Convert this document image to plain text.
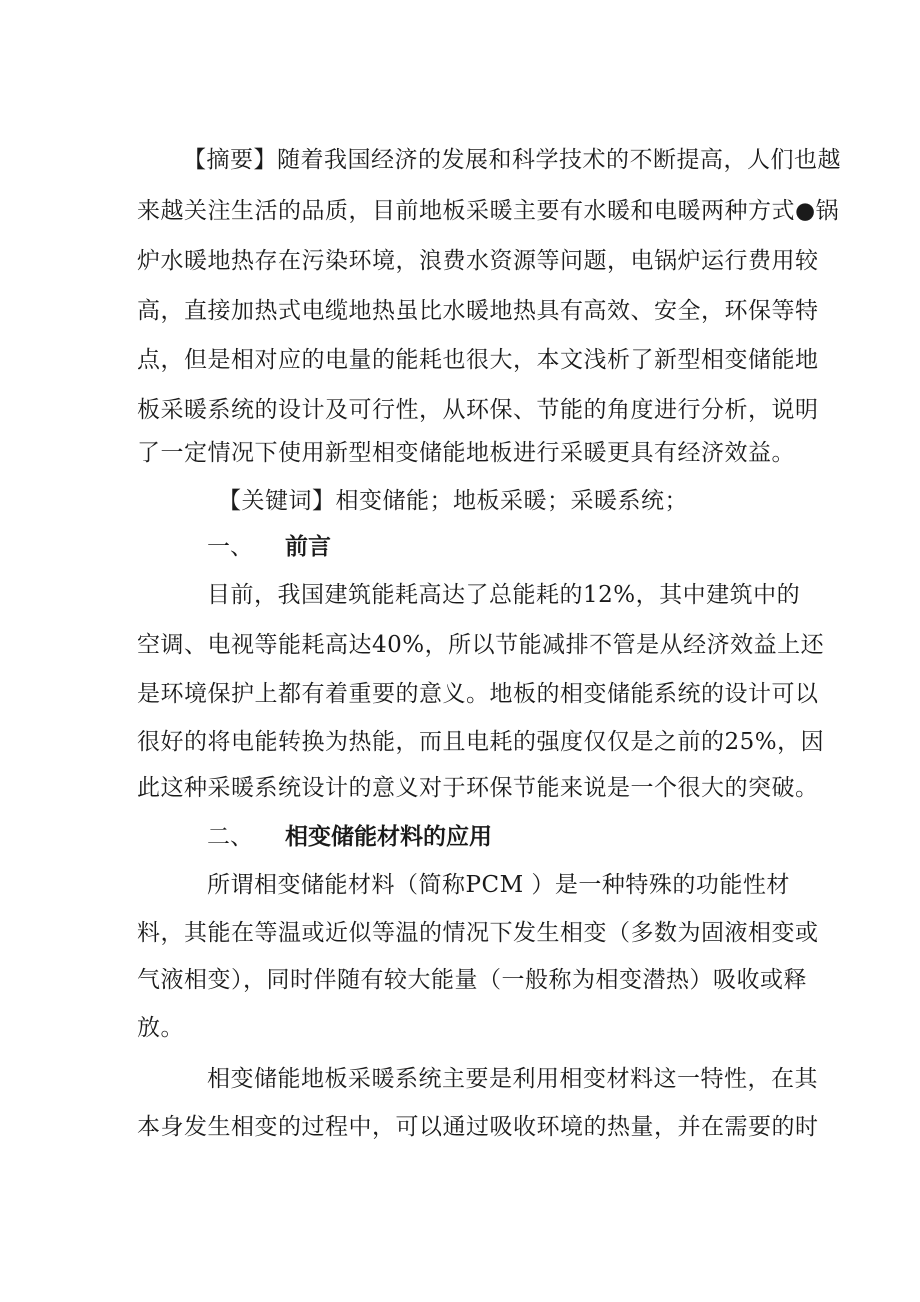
【摘要】随着我国经济的发展和科学技术的不断提高，人们也越
来越关注生活的品质，目前地板采暖主要有水暖和电暖两种方式●锅
炉水暖地热存在污染环境，浪费水资源等问题，电锅炉运行费用较
高，直接加热式电缆地热虽比水暖地热具有高效、安全，环保等特
点，但是相对应的电量的能耗也很大，本文浅析了新型相变储能地
板采暖系统的设计及可行性，从环保、节能的角度进行分析，说明
了一定情况下使用新型相变储能地板进行采暖更具有经济效益。
【关键词】相变储能；地板采暖；采暖系统；
一、 前言
目前，我国建筑能耗高达了总能耗的12%，其中建筑中的
空调、电视等能耗高达40%，所以节能减排不管是从经济效益上还
是环境保护上都有着重要的意义。地板的相变储能系统的设计可以
很好的将电能转换为热能，而且电耗的强度仅仅是之前的25%，因
此这种采暖系统设计的意义对于环保节能来说是一个很大的突破。
二、 相变储能材料的应用
所谓相变储能材料（简称PCM ）是一种特殊的功能性材
料，其能在等温或近似等温的情况下发生相变（多数为固液相变或
气液相变），同时伴随有较大能量（一般称为相变潜热）吸收或释
放。
相变储能地板采暖系统主要是利用相变材料这一特性，在其
本身发生相变的过程中，可以通过吸收环境的热量，并在需要的时
